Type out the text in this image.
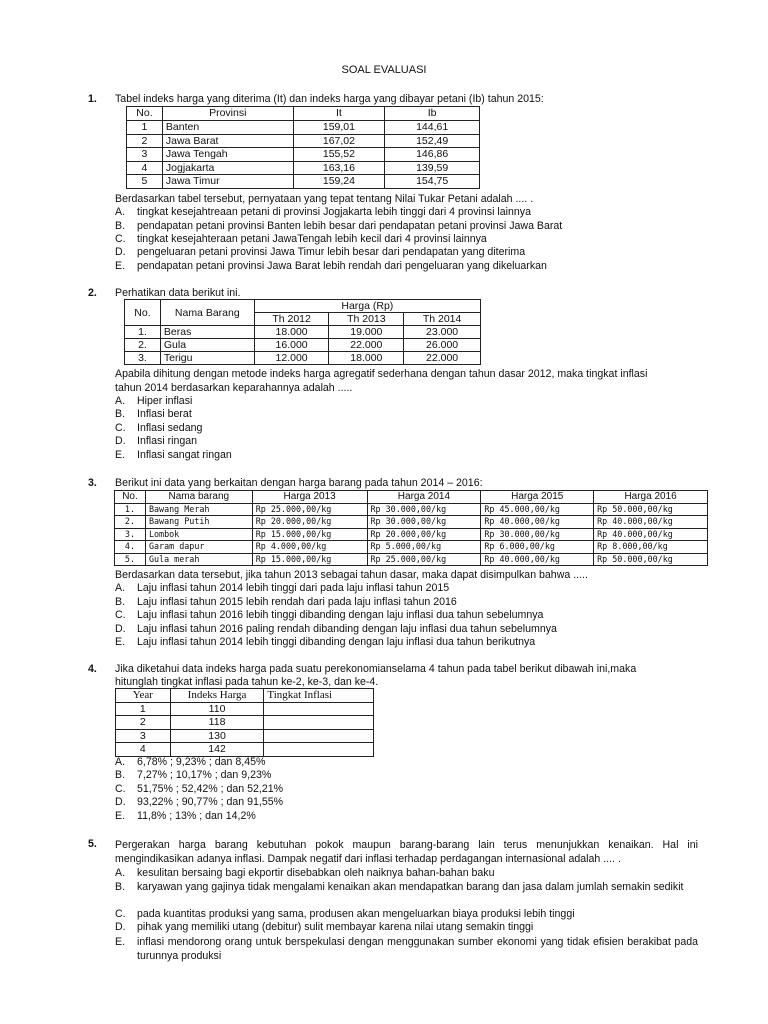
SOAL EVALUASI
1. Tabel indeks harga yang diterima (It) dan indeks harga yang dibayar petani (Ib) tahun 2015:
No.	Provinsi	It	Ib
1	Banten	159,01	144,61
2	Jawa Barat	167,02	152,49
3	Jawa Tengah	155,52	146,86
4	Jogjakarta	163,16	139,59
5	Jawa Timur	159,24	154,75
Berdasarkan tabel tersebut, pernyataan yang tepat tentang Nilai Tukar Petani adalah .... .
A. tingkat kesejahtreaan petani di provinsi Jogjakarta lebih tinggi dari 4 provinsi lainnya
B. pendapatan petani provinsi Banten lebih besar dari pendapatan petani provinsi Jawa Barat
C. tingkat kesejahteraan petani JawaTengah lebih kecil dari 4 provinsi lainnya
D. pengeluaran petani provinsi Jawa Timur lebih besar dari pendapatan yang diterima
E. pendapatan petani provinsi Jawa Barat lebih rendah dari pengeluaran yang dikeluarkan
2. Perhatikan data berikut ini.
No.	Nama Barang	Harga (Rp)		
		Th 2012	Th 2013	Th 2014
1.	Beras	18.000	19.000	23.000
2.	Gula	16.000	22.000	26.000
3.	Terigu	12.000	18.000	22.000
Apabila dihitung dengan metode indeks harga agregatif sederhana dengan tahun dasar 2012, maka tingkat inflasi
tahun 2014 berdasarkan keparahannya adalah .....
A. Hiper inflasi
B. Inflasi berat
C. Inflasi sedang
D. Inflasi ringan
E. Inflasi sangat ringan
3. Berikut ini data yang berkaitan dengan harga barang pada tahun 2014 – 2016:
No.	Nama barang	Harga 2013	Harga 2014	Harga 2015	Harga 2016
1.	Bawang Merah	Rp 25.000,00/kg	Rp 30.000,00/kg	Rp 45.000,00/kg	Rp 50.000,00/kg
2.	Bawang Putih	Rp 20.000,00/kg	Rp 30.000,00/kg	Rp 40.000,00/kg	Rp 40.000,00/kg
3.	Lombok	Rp 15.000,00/kg	Rp 20.000,00/kg	Rp 30.000,00/kg	Rp 40.000,00/kg
4.	Garam dapur	Rp 4.000,00/kg	Rp 5.000,00/kg	Rp 6.000,00/kg	Rp 8.000,00/kg
5.	Gula merah	Rp 15.000,00/kg	Rp 25.000,00/kg	Rp 40.000,00/kg	Rp 50.000,00/kg
Berdasarkan data tersebut, jika tahun 2013 sebagai tahun dasar, maka dapat disimpulkan bahwa .....
A. Laju inflasi tahun 2014 lebih tinggi dari pada laju inflasi tahun 2015
B. Laju inflasi tahun 2015 lebih rendah dari pada laju inflasi tahun 2016
C. Laju inflasi tahun 2016 lebih tinggi dibanding dengan laju inflasi dua tahun sebelumnya
D. Laju inflasi tahun 2016 paling rendah dibanding dengan laju inflasi dua tahun sebelumnya
E. Laju inflasi tahun 2014 lebih tinggi dibanding dengan laju inflasi dua tahun berikutnya
4. Jika diketahui data indeks harga pada suatu perekonomianselama 4 tahun pada tabel berikut dibawah ini,maka
hitunglah tingkat inflasi pada tahun ke-2, ke-3, dan ke-4.
Year	Indeks Harga	Tingkat Inflasi
1	110	
2	118	
3	130	
4	142	
A. 6,78% ; 9,23% ; dan 8,45%
B. 7,27% ; 10,17% ; dan 9,23%
C. 51,75% ; 52,42% ; dan 52,21%
D. 93,22% ; 90,77% ; dan 91,55%
E. 11,8% ; 13% ; dan 14,2%
5. Pergerakan harga barang kebutuhan pokok maupun barang-barang lain terus menunjukkan kenaikan. Hal ini mengindikasikan adanya inflasi. Dampak negatif dari inflasi terhadap perdagangan internasional adalah .... .
A. kesulitan bersaing bagi ekportir disebabkan oleh naiknya bahan-bahan baku
B. karyawan yang gajinya tidak mengalami kenaikan akan mendapatkan barang dan jasa dalam jumlah semakin sedikit
C. pada kuantitas produksi yang sama, produsen akan mengeluarkan biaya produksi lebih tinggi
D. pihak yang memiliki utang (debitur) sulit membayar karena nilai utang semakin tinggi
E. inflasi mendorong orang untuk berspekulasi dengan menggunakan sumber ekonomi yang tidak efisien berakibat pada turunnya produksi
